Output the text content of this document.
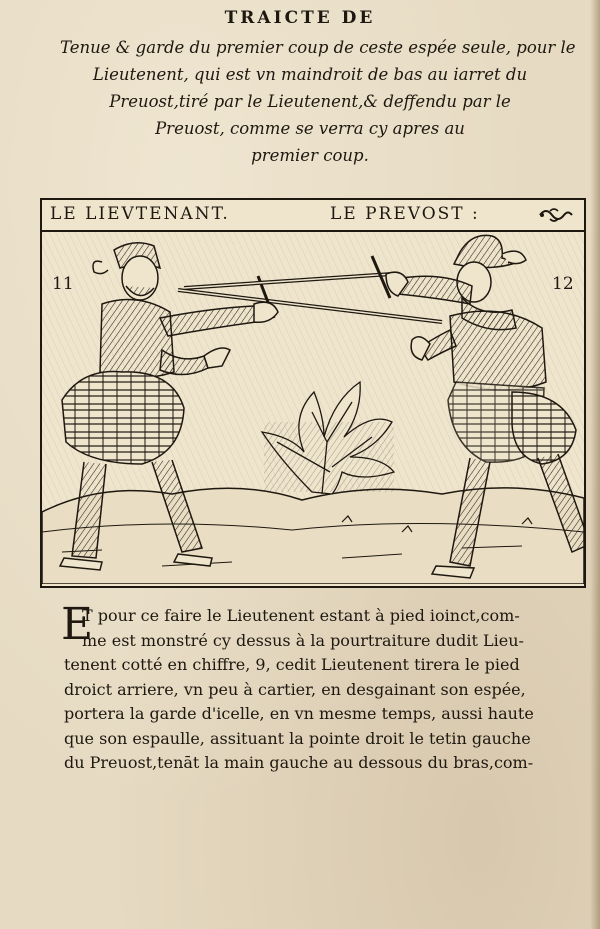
TRAICTE DE
Tenue & garde du premier coup de ceste espée seule, pour le
Lieutenent, qui est vn maindroit de bas au iarret du
Preuost,tiré par le Lieutenent,& deffendu par le
Preuost, comme se verra cy apres au
premier coup.
LE LIEVTENANT.	LE PREVOST :
11	12
E
T pour ce faire le Lieutenent estant à pied ioinct,com-
me est monstré cy dessus à la pourtraiture dudit Lieu-
tenent cotté en chiffre, 9, cedit Lieutenent tirera le pied
droict arriere, vn peu à cartier, en desgainant son espée,
portera la garde d'icelle, en vn mesme temps, aussi haute
que son espaulle, assituant la pointe droit le tetin gauche
du Preuost,tenāt la main gauche au dessous du bras,com-
